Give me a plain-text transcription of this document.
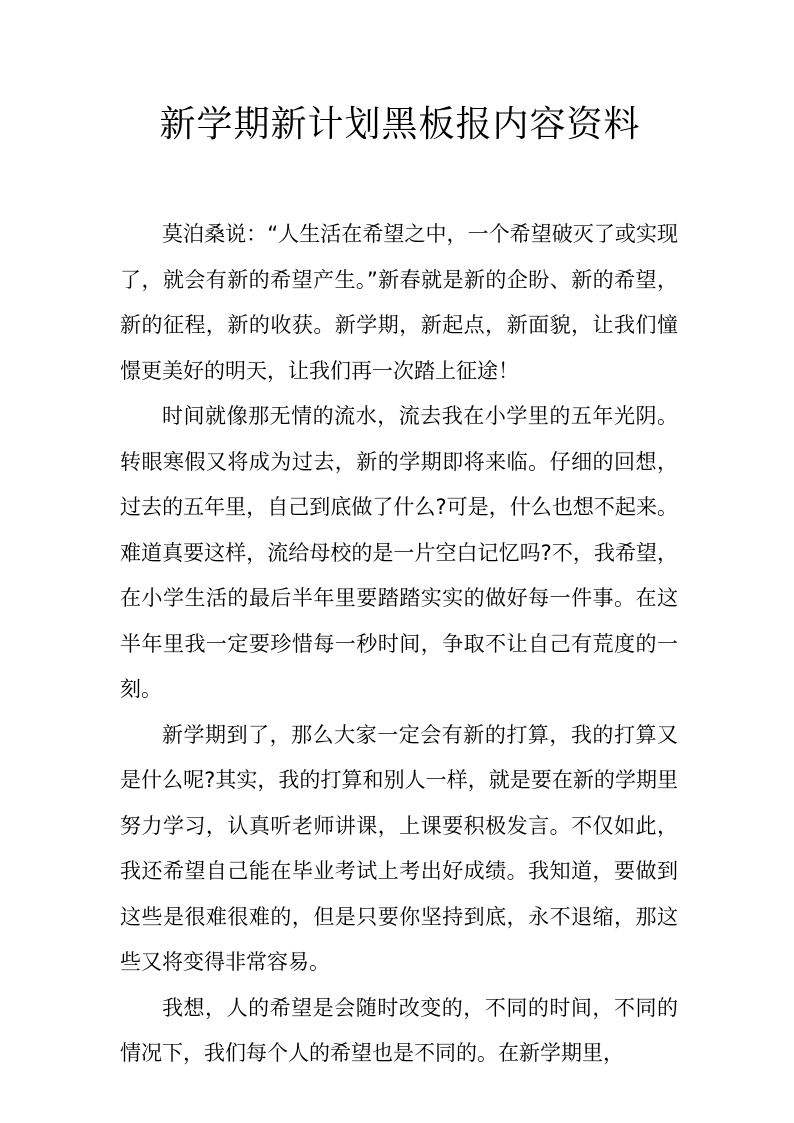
新学期新计划黑板报内容资料

莫泊桑说：“人生活在希望之中，一个希望破灭了或实现了，就会有新的希望产生。”新春就是新的企盼、新的希望，新的征程，新的收获。新学期，新起点，新面貌，让我们憧憬更美好的明天，让我们再一次踏上征途！

时间就像那无情的流水，流去我在小学里的五年光阴。转眼寒假又将成为过去，新的学期即将来临。仔细的回想，过去的五年里，自己到底做了什么?可是，什么也想不起来。难道真要这样，流给母校的是一片空白记忆吗?不，我希望，在小学生活的最后半年里要踏踏实实的做好每一件事。在这半年里我一定要珍惜每一秒时间，争取不让自己有荒度的一刻。

新学期到了，那么大家一定会有新的打算，我的打算又是什么呢?其实，我的打算和别人一样，就是要在新的学期里努力学习，认真听老师讲课，上课要积极发言。不仅如此，我还希望自己能在毕业考试上考出好成绩。我知道，要做到这些是很难很难的，但是只要你坚持到底，永不退缩，那这些又将变得非常容易。

我想，人的希望是会随时改变的，不同的时间，不同的情况下，我们每个人的希望也是不同的。在新学期里，
